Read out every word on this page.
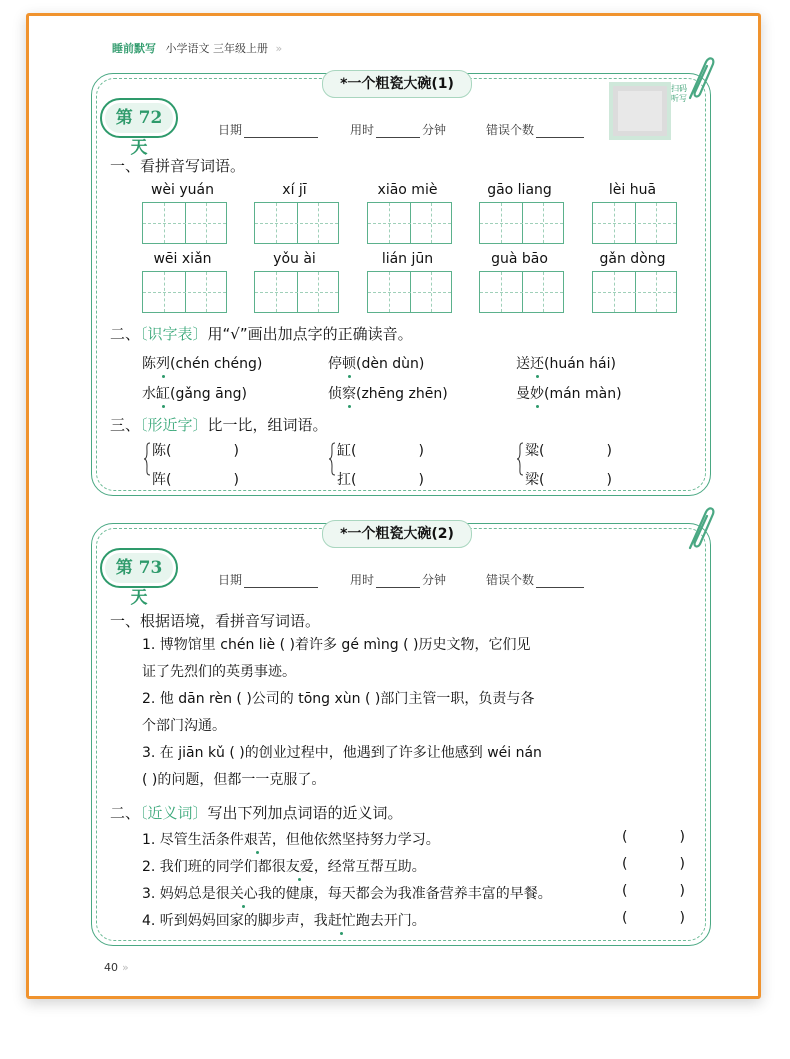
睡前默写 小学语文 三年级上册 »
*一个粗瓷大碗(1)
第 72 天
日期	用时	分钟	错误个数
扫码听写
一、看拼音写词语。
wèi yuán	xí jī	xiāo miè	gāo liang	lèi huā
wēi xiǎn	yǒu ài	lián jūn	guà bāo	gǎn dòng
二、〔识字表〕用“√”画出加点字的正确读音。
陈列(chén chéng)	停顿(dèn dùn)	送还(huán hái)
水缸(gǎng āng)	侦察(zhēng zhēn)	曼妙(mán màn)
三、〔形近字〕比一比，组词语。
陈(	)
阵(	)
缸(	)
扛(	)
粱(	)
梁(	)
*一个粗瓷大碗(2)
第 73 天
日期	用时	分钟	错误个数
一、根据语境，看拼音写词语。
1. 博物馆里 chén liè ( )着许多 gé mìng ( )历史文物，它们见
证了先烈们的英勇事迹。
2. 他 dān rèn ( )公司的 tōng xùn ( )部门主管一职，负责与各
个部门沟通。
3. 在 jiān kǔ ( )的创业过程中，他遇到了许多让他感到 wéi nán
( )的问题，但都一一克服了。
二、〔近义词〕写出下列加点词语的近义词。
1. 尽管生活条件艰苦，但他依然坚持努力学习。	(	)
2. 我们班的同学们都很友爱，经常互帮互助。	(	)
3. 妈妈总是很关心我的健康，每天都会为我准备营养丰富的早餐。	(	)
4. 听到妈妈回家的脚步声，我赶忙跑去开门。	(	)
40 »
